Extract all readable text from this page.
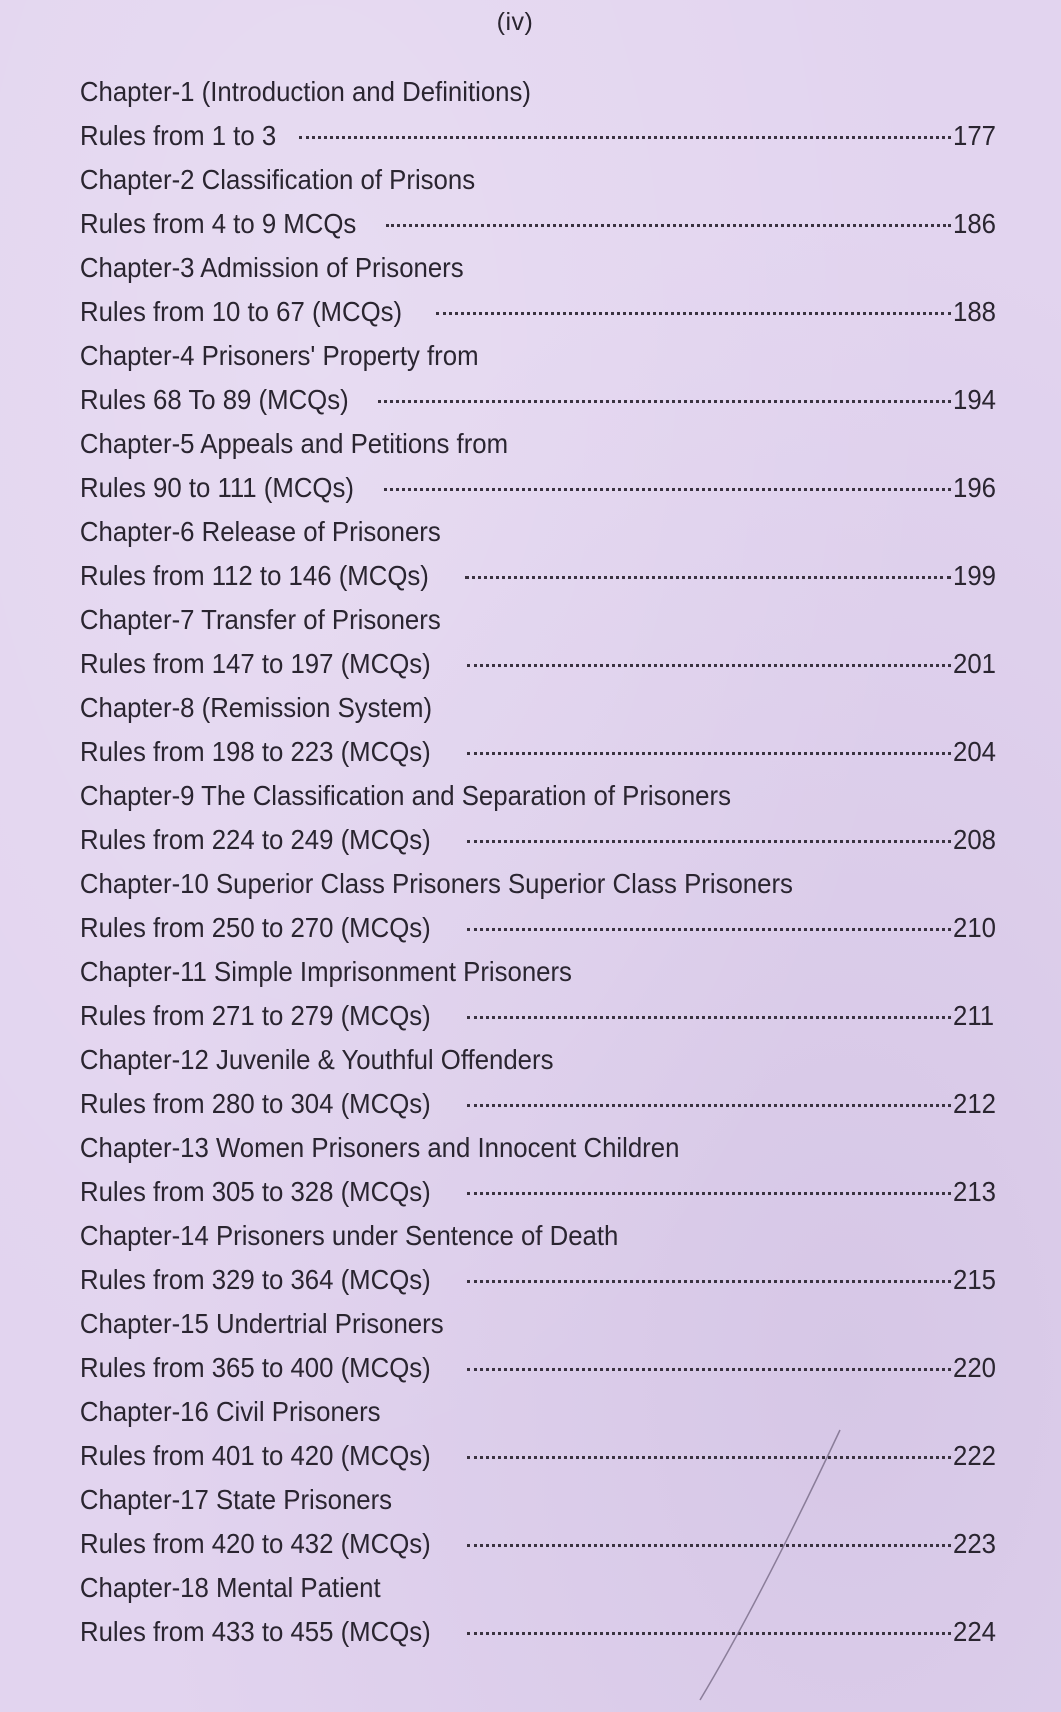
(iv)
Chapter-1 (Introduction and Definitions)
Rules from 1 to 3	177
Chapter-2 Classification of Prisons
Rules from 4 to 9 MCQs	186
Chapter-3 Admission of Prisoners
Rules from 10 to 67 (MCQs)	188
Chapter-4 Prisoners' Property from
Rules 68 To 89 (MCQs)	194
Chapter-5 Appeals and Petitions from
Rules 90 to 111 (MCQs)	196
Chapter-6 Release of Prisoners
Rules from 112 to 146 (MCQs)	199
Chapter-7 Transfer of Prisoners
Rules from 147 to 197 (MCQs)	201
Chapter-8 (Remission System)
Rules from 198 to 223 (MCQs)	204
Chapter-9 The Classification and Separation of Prisoners
Rules from 224 to 249 (MCQs)	208
Chapter-10 Superior Class Prisoners Superior Class Prisoners
Rules from 250 to 270 (MCQs)	210
Chapter-11 Simple Imprisonment Prisoners
Rules from 271 to 279 (MCQs)	211
Chapter-12 Juvenile & Youthful Offenders
Rules from 280 to 304 (MCQs)	212
Chapter-13 Women Prisoners and Innocent Children
Rules from 305 to 328 (MCQs)	213
Chapter-14 Prisoners under Sentence of Death
Rules from 329 to 364 (MCQs)	215
Chapter-15 Undertrial Prisoners
Rules from 365 to 400 (MCQs)	220
Chapter-16 Civil Prisoners
Rules from 401 to 420 (MCQs)	222
Chapter-17 State Prisoners
Rules from 420 to 432 (MCQs)	223
Chapter-18 Mental Patient
Rules from 433 to 455 (MCQs)	224
